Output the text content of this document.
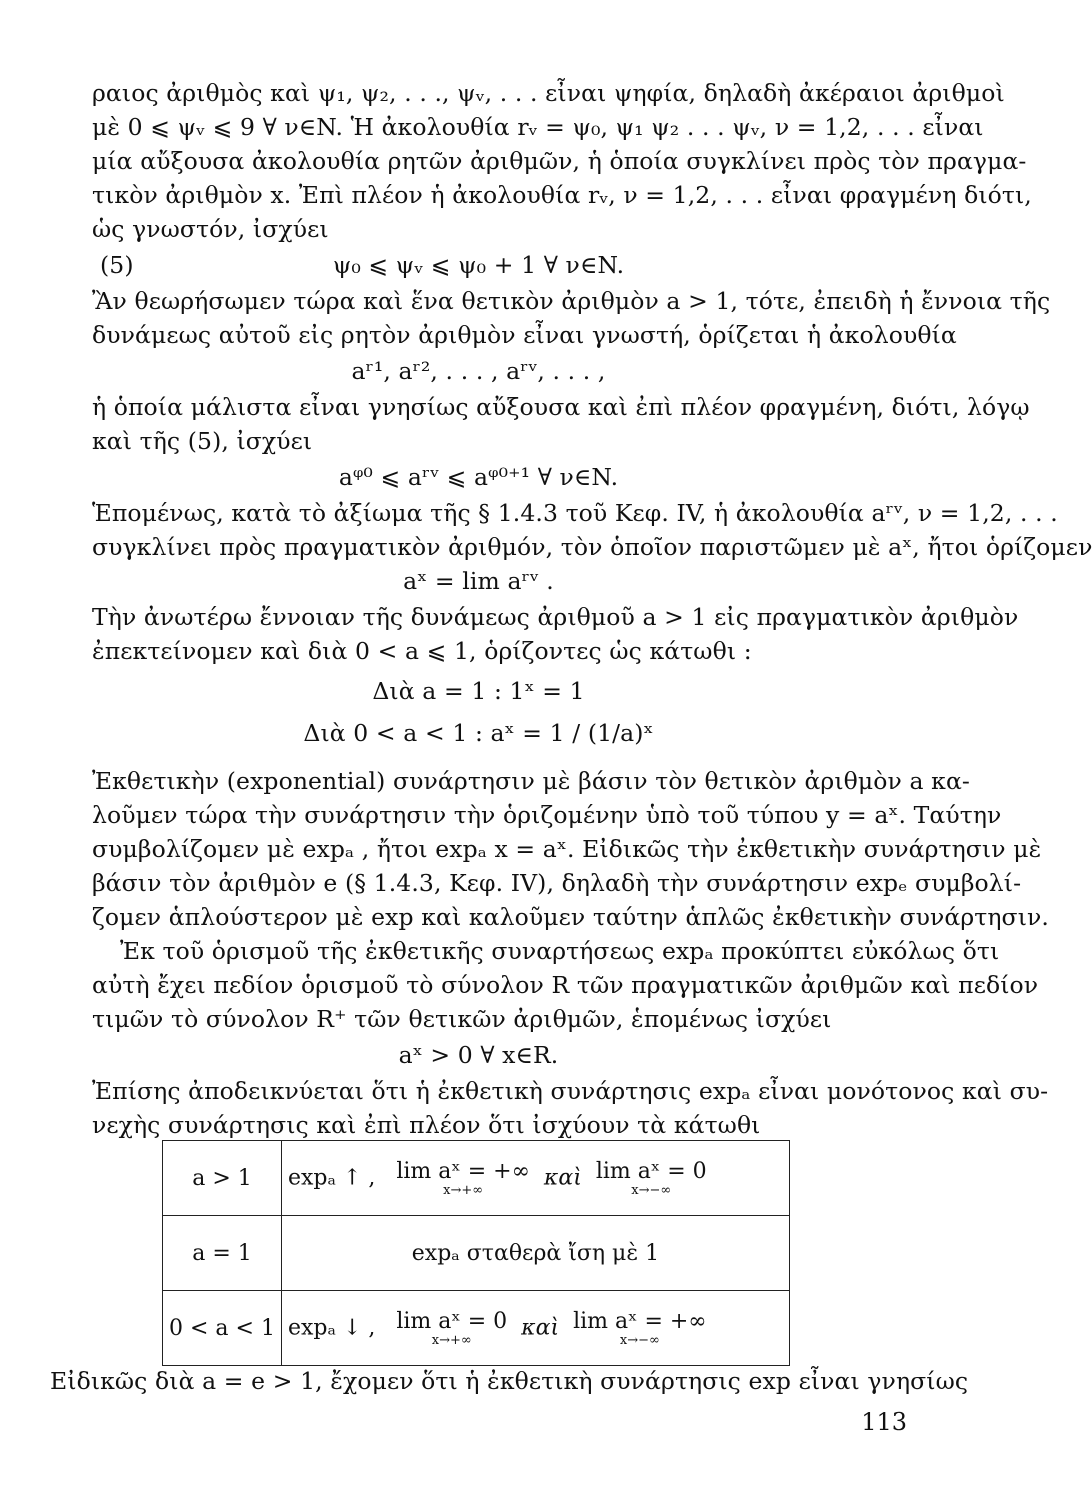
ραιος ἀριθμὸς καὶ ψ₁, ψ₂, . . ., ψᵥ, . . . εἶναι ψηφία, δηλαδὴ ἀκέραιοι ἀριθμοὶ
μὲ 0 ⩽ ψᵥ ⩽ 9 ∀ ν∈N. Ἡ ἀκολουθία rᵥ = ψ₀, ψ₁ ψ₂ . . . ψᵥ, ν = 1,2, . . . εἶναι
μία αὔξουσα ἀκολουθία ρητῶν ἀριθμῶν, ἡ ὁποία συγκλίνει πρὸς τὸν πραγμα-
τικὸν ἀριθμὸν x. Ἐπὶ πλέον ἡ ἀκολουθία rᵥ, ν = 1,2, . . . εἶναι φραγμένη διότι,
ὡς γνωστόν, ἰσχύει
(5)	ψ₀ ⩽ ψᵥ ⩽ ψ₀ + 1 ∀ ν∈N.
Ἂν θεωρήσωμεν τώρα καὶ ἕνα θετικὸν ἀριθμὸν a > 1, τότε, ἐπειδὴ ἡ ἔννοια τῆς
δυνάμεως αὐτοῦ εἰς ρητὸν ἀριθμὸν εἶναι γνωστή, ὁρίζεται ἡ ἀκολουθία
aʳ¹, aʳ², . . . , aʳᵛ, . . . ,
ἡ ὁποία μάλιστα εἶναι γνησίως αὔξουσα καὶ ἐπὶ πλέον φραγμένη, διότι, λόγῳ
καὶ τῆς (5), ἰσχύει
aᵠ⁰ ⩽ aʳᵛ ⩽ aᵠ⁰⁺¹ ∀ ν∈N.
Ἑπομένως, κατὰ τὸ ἀξίωμα τῆς § 1.4.3 τοῦ Κεφ. IV, ἡ ἀκολουθία aʳᵛ, ν = 1,2, . . .
συγκλίνει πρὸς πραγματικὸν ἀριθμόν, τὸν ὁποῖον παριστῶμεν μὲ aˣ, ἤτοι ὁρίζομεν
aˣ = lim aʳᵛ .
Τὴν ἀνωτέρω ἔννοιαν τῆς δυνάμεως ἀριθμοῦ a > 1 εἰς πραγματικὸν ἀριθμὸν
ἐπεκτείνομεν καὶ διὰ 0 < a ⩽ 1, ὁρίζοντες ὡς κάτωθι :
Διὰ a = 1 : 1ˣ = 1
Διὰ 0 < a < 1 : aˣ = 1 / (1/a)ˣ
Ἐκθετικὴν (exponential) συνάρτησιν μὲ βάσιν τὸν θετικὸν ἀριθμὸν a κα-
λοῦμεν τώρα τὴν συνάρτησιν τὴν ὁριζομένην ὑπὸ τοῦ τύπου y = aˣ. Ταύτην
συμβολίζομεν μὲ expₐ , ἤτοι expₐ x = aˣ. Εἰδικῶς τὴν ἐκθετικὴν συνάρτησιν μὲ
βάσιν τὸν ἀριθμὸν e (§ 1.4.3, Κεφ. IV), δηλαδὴ τὴν συνάρτησιν expₑ συμβολί-
ζομεν ἁπλούστερον μὲ exp καὶ καλοῦμεν ταύτην ἁπλῶς ἐκθετικὴν συνάρτησιν.
Ἐκ τοῦ ὁρισμοῦ τῆς ἐκθετικῆς συναρτήσεως expₐ προκύπτει εὐκόλως ὅτι
αὐτὴ ἔχει πεδίον ὁρισμοῦ τὸ σύνολον R τῶν πραγματικῶν ἀριθμῶν καὶ πεδίον
τιμῶν τὸ σύνολον R⁺ τῶν θετικῶν ἀριθμῶν, ἑπομένως ἰσχύει
aˣ > 0 ∀ x∈R.
Ἐπίσης ἀποδεικνύεται ὅτι ἡ ἐκθετικὴ συνάρτησις expₐ εἶναι μονότονος καὶ συ-
νεχὴς συνάρτησις καὶ ἐπὶ πλέον ὅτι ἰσχύουν τὰ κάτωθι
a > 1	expₐ ↑ , lim aˣ = +∞
x→+∞ καὶ lim aˣ = 0
x→−∞

a = 1	expₐ σταθερὰ ἴση μὲ 1
0 < a < 1	expₐ ↓ , lim aˣ = 0
x→+∞ καὶ lim aˣ = +∞
x→−∞
Εἰδικῶς διὰ a = e > 1, ἔχομεν ὅτι ἡ ἐκθετικὴ συνάρτησις exp εἶναι γνησίως
113
